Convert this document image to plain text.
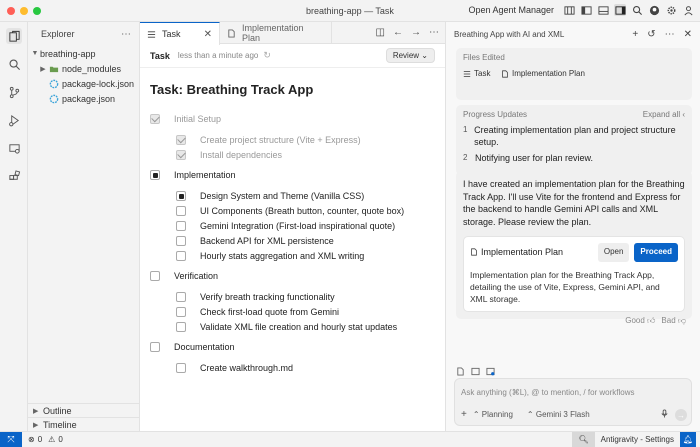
breathing-app — Task	Open Agent Manager
Explorer	⋯
▼ breathing-app
▶ node_modules
package-lock.json
package.json
▶ Outline
▶ Timeline
Task ✕
Implementation Plan	◫ ← → ⋯
Task less than a minute ago ↻	Review ⌄
Task: Breathing Track App
Initial Setup
Create project structure (Vite + Express)
Install dependencies
Implementation
Design System and Theme (Vanilla CSS)
UI Components (Breath button, counter, quote box)
Gemini Integration (First-load inspirational quote)
Backend API for XML persistence
Hourly stats aggregation and XML writing
Verification
Verify breath tracking functionality
Check first-load quote from Gemini
Validate XML file creation and hourly stat updates
Documentation
Create walkthrough.md
Breathing App with AI and XML	+ ↺ ⋯ ✕
Files Edited
Task
	Implementation Plan
Progress Updates	Expand all ‹
1 Creating implementation plan and project structure setup.
2 Notifying user for plan review.
I have created an implementation plan for the Breathing Track App. I'll use Vite for the frontend and Express for the backend to handle Gemini API calls and XML storage. Please review the plan.
Implementation Plan	Open	Proceed
Implementation plan for the Breathing Track App, detailing the use of Vite, Express, Gemini API, and XML storage.
Good 👍︎ Bad 👎︎
Ask anything (⌘L), @ to mention, / for workflows
+ ⌃ Planning ⌃ Gemini 3 Flash	→
⤧	⊗ 0 ⚠ 0	🔍︎	Antigravity - Settings	🔔︎
